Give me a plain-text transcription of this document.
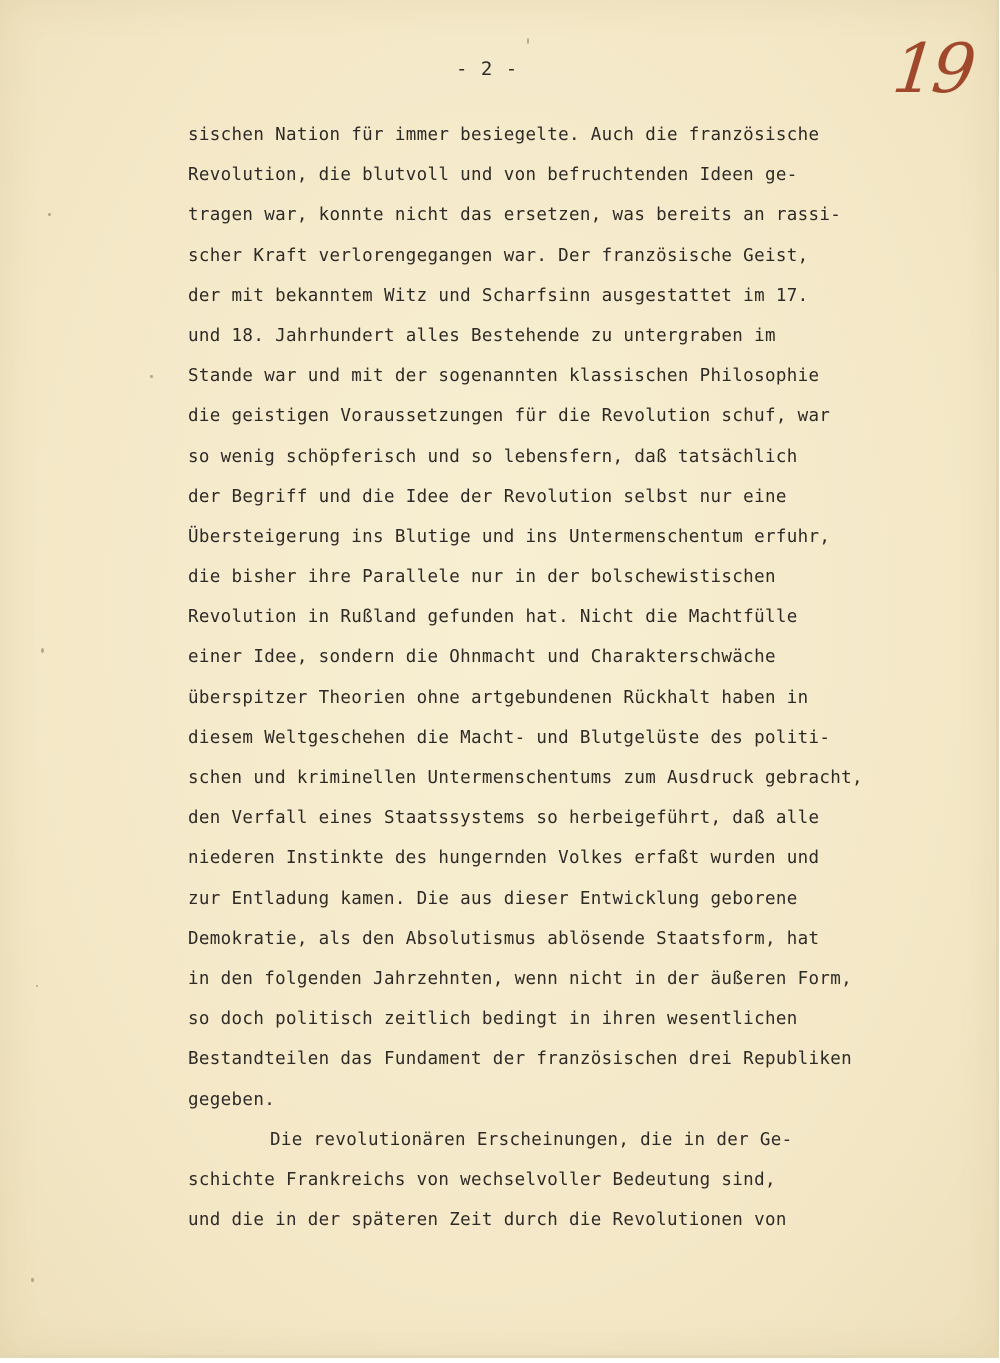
- 2 -	19
sischen Nation für immer besiegelte. Auch die französische
Revolution, die blutvoll und von befruchtenden Ideen ge-
tragen war, konnte nicht das ersetzen, was bereits an rassi-
scher Kraft verlorengegangen war. Der französische Geist,
der mit bekanntem Witz und Scharfsinn ausgestattet im 17.
und 18. Jahrhundert alles Bestehende zu untergraben im
Stande war und mit der sogenannten klassischen Philosophie
die geistigen Voraussetzungen für die Revolution schuf, war
so wenig schöpferisch und so lebensfern, daß tatsächlich
der Begriff und die Idee der Revolution selbst nur eine
Übersteigerung ins Blutige und ins Untermenschentum erfuhr,
die bisher ihre Parallele nur in der bolschewistischen
Revolution in Rußland gefunden hat. Nicht die Machtfülle
einer Idee, sondern die Ohnmacht und Charakterschwäche
überspitzer Theorien ohne artgebundenen Rückhalt haben in
diesem Weltgeschehen die Macht- und Blutgelüste des politi-
schen und kriminellen Untermenschentums zum Ausdruck gebracht,
den Verfall eines Staatssystems so herbeigeführt, daß alle
niederen Instinkte des hungernden Volkes erfaßt wurden und
zur Entladung kamen. Die aus dieser Entwicklung geborene
Demokratie, als den Absolutismus ablösende Staatsform, hat
in den folgenden Jahrzehnten, wenn nicht in der äußeren Form,
so doch politisch zeitlich bedingt in ihren wesentlichen
Bestandteilen das Fundament der französischen drei Republiken
gegeben.
Die revolutionären Erscheinungen, die in der Ge-
schichte Frankreichs von wechselvoller Bedeutung sind,
und die in der späteren Zeit durch die Revolutionen von
